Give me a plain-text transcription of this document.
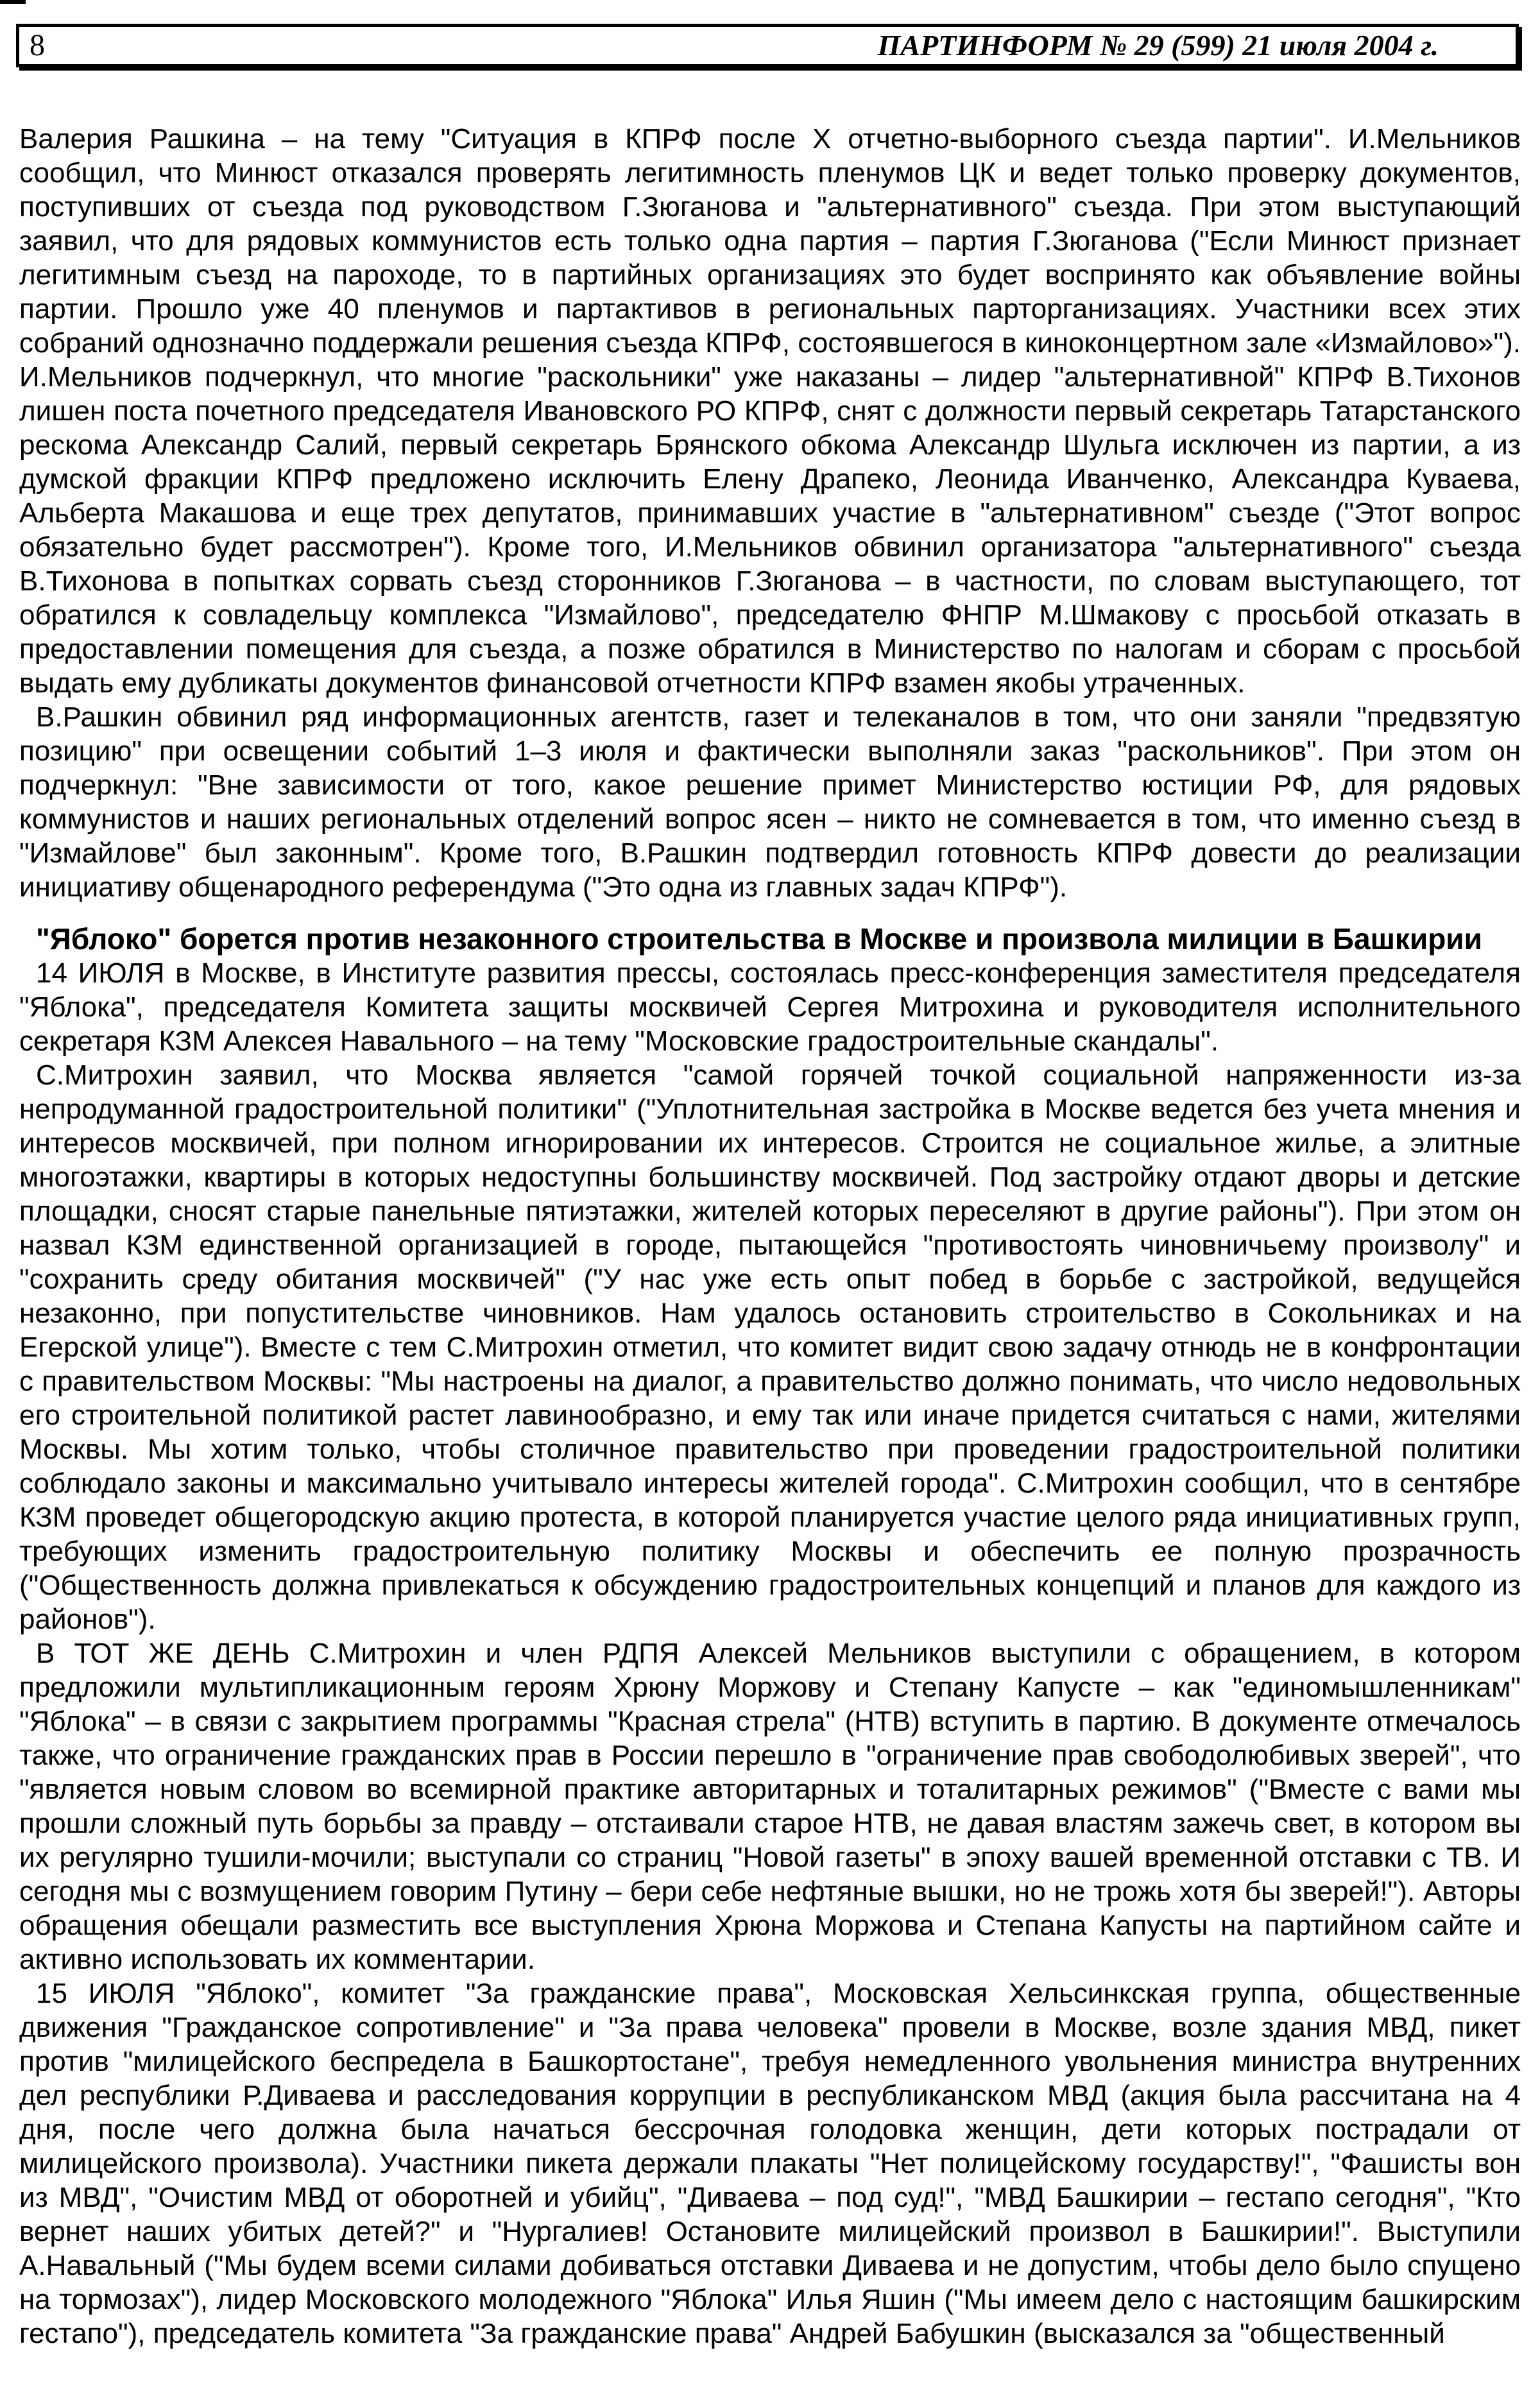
8	ПАРТИНФОРМ № 29 (599) 21 июля 2004 г.

Валерия Рашкина – на тему "Ситуация в КПРФ после X отчетно-выборного съезда партии". И.Мельников сообщил, что Минюст отказался проверять легитимность пленумов ЦК и ведет только проверку документов, поступивших от съезда под руководством Г.Зюганова и "альтернативного" съезда. При этом выступающий заявил, что для рядовых коммунистов есть только одна партия – партия Г.Зюганова ("Если Минюст признает легитимным съезд на пароходе, то в партийных организациях это будет воспринято как объявление войны партии. Прошло уже 40 пленумов и партактивов в региональных парторганизациях. Участники всех этих собраний однозначно поддержали решения съезда КПРФ, состоявшегося в киноконцертном зале «Измайлово»"). И.Мельников подчеркнул, что многие "раскольники" уже наказаны – лидер "альтернативной" КПРФ В.Тихонов лишен поста почетного председателя Ивановского РО КПРФ, снят с должности первый секретарь Татарстанского рескома Александр Салий, первый секретарь Брянского обкома Александр Шульга исключен из партии, а из думской фракции КПРФ предложено исключить Елену Драпеко, Леонида Иванченко, Александра Куваева, Альберта Макашова и еще трех депутатов, принимавших участие в "альтернативном" съезде ("Этот вопрос обязательно будет рассмотрен"). Кроме того, И.Мельников обвинил организатора "альтернативного" съезда В.Тихонова в попытках сорвать съезд сторонников Г.Зюганова – в частности, по словам выступающего, тот обратился к совладельцу комплекса "Измайлово", председателю ФНПР М.Шмакову с просьбой отказать в предоставлении помещения для съезда, а позже обратился в Министерство по налогам и сборам с просьбой выдать ему дубликаты документов финансовой отчетности КПРФ взамен якобы утраченных.

В.Рашкин обвинил ряд информационных агентств, газет и телеканалов в том, что они заняли "предвзятую позицию" при освещении событий 1–3 июля и фактически выполняли заказ "раскольников". При этом он подчеркнул: "Вне зависимости от того, какое решение примет Министерство юстиции РФ, для рядовых коммунистов и наших региональных отделений вопрос ясен – никто не сомневается в том, что именно съезд в "Измайлове" был законным". Кроме того, В.Рашкин подтвердил готовность КПРФ довести до реализации инициативу общенародного референдума ("Это одна из главных задач КПРФ").

"Яблоко" борется против незаконного строительства в Москве и произвола милиции в Башкирии

14 ИЮЛЯ в Москве, в Институте развития прессы, состоялась пресс-конференция заместителя председателя "Яблока", председателя Комитета защиты москвичей Сергея Митрохина и руководителя исполнительного секретаря КЗМ Алексея Навального – на тему "Московские градостроительные скандалы".

С.Митрохин заявил, что Москва является "самой горячей точкой социальной напряженности из-за непродуманной градостроительной политики" ("Уплотнительная застройка в Москве ведется без учета мнения и интересов москвичей, при полном игнорировании их интересов. Строится не социальное жилье, а элитные многоэтажки, квартиры в которых недоступны большинству москвичей. Под застройку отдают дворы и детские площадки, сносят старые панельные пятиэтажки, жителей которых переселяют в другие районы"). При этом он назвал КЗМ единственной организацией в городе, пытающейся "противостоять чиновничьему произволу" и "сохранить среду обитания москвичей" ("У нас уже есть опыт побед в борьбе с застройкой, ведущейся незаконно, при попустительстве чиновников. Нам удалось остановить строительство в Сокольниках и на Егерской улице"). Вместе с тем С.Митрохин отметил, что комитет видит свою задачу отнюдь не в конфронтации с правительством Москвы: "Мы настроены на диалог, а правительство должно понимать, что число недовольных его строительной политикой растет лавинообразно, и ему так или иначе придется считаться с нами, жителями Москвы. Мы хотим только, чтобы столичное правительство при проведении градостроительной политики соблюдало законы и максимально учитывало интересы жителей города". С.Митрохин сообщил, что в сентябре КЗМ проведет общегородскую акцию протеста, в которой планируется участие целого ряда инициативных групп, требующих изменить градостроительную политику Москвы и обеспечить ее полную прозрачность ("Общественность должна привлекаться к обсуждению градостроительных концепций и планов для каждого из районов").

В ТОТ ЖЕ ДЕНЬ С.Митрохин и член РДПЯ Алексей Мельников выступили с обращением, в котором предложили мультипликационным героям Хрюну Моржову и Степану Капусте – как "единомышленникам" "Яблока" – в связи с закрытием программы "Красная стрела" (НТВ) вступить в партию. В документе отмечалось также, что ограничение гражданских прав в России перешло в "ограничение прав свободолюбивых зверей", что "является новым словом во всемирной практике авторитарных и тоталитарных режимов" ("Вместе с вами мы прошли сложный путь борьбы за правду – отстаивали старое НТВ, не давая властям зажечь свет, в котором вы их регулярно тушили-мочили; выступали со страниц "Новой газеты" в эпоху вашей временной отставки с ТВ. И сегодня мы с возмущением говорим Путину – бери себе нефтяные вышки, но не трожь хотя бы зверей!"). Авторы обращения обещали разместить все выступления Хрюна Моржова и Степана Капусты на партийном сайте и активно использовать их комментарии.

15 ИЮЛЯ "Яблоко", комитет "За гражданские права", Московская Хельсинкская группа, общественные движения "Гражданское сопротивление" и "За права человека" провели в Москве, возле здания МВД, пикет против "милицейского беспредела в Башкортостане", требуя немедленного увольнения министра внутренних дел республики Р.Диваева и расследования коррупции в республиканском МВД (акция была рассчитана на 4 дня, после чего должна была начаться бессрочная голодовка женщин, дети которых пострадали от милицейского произвола). Участники пикета держали плакаты "Нет полицейскому государству!", "Фашисты вон из МВД", "Очистим МВД от оборотней и убийц", "Диваева – под суд!", "МВД Башкирии – гестапо сегодня", "Кто вернет наших убитых детей?" и "Нургалиев! Остановите милицейский произвол в Башкирии!". Выступили А.Навальный ("Мы будем всеми силами добиваться отставки Диваева и не допустим, чтобы дело было спущено на тормозах"), лидер Московского молодежного "Яблока" Илья Яшин ("Мы имеем дело с настоящим башкирским гестапо"), председатель комитета "За гражданские права" Андрей Бабушкин (высказался за "общественный
